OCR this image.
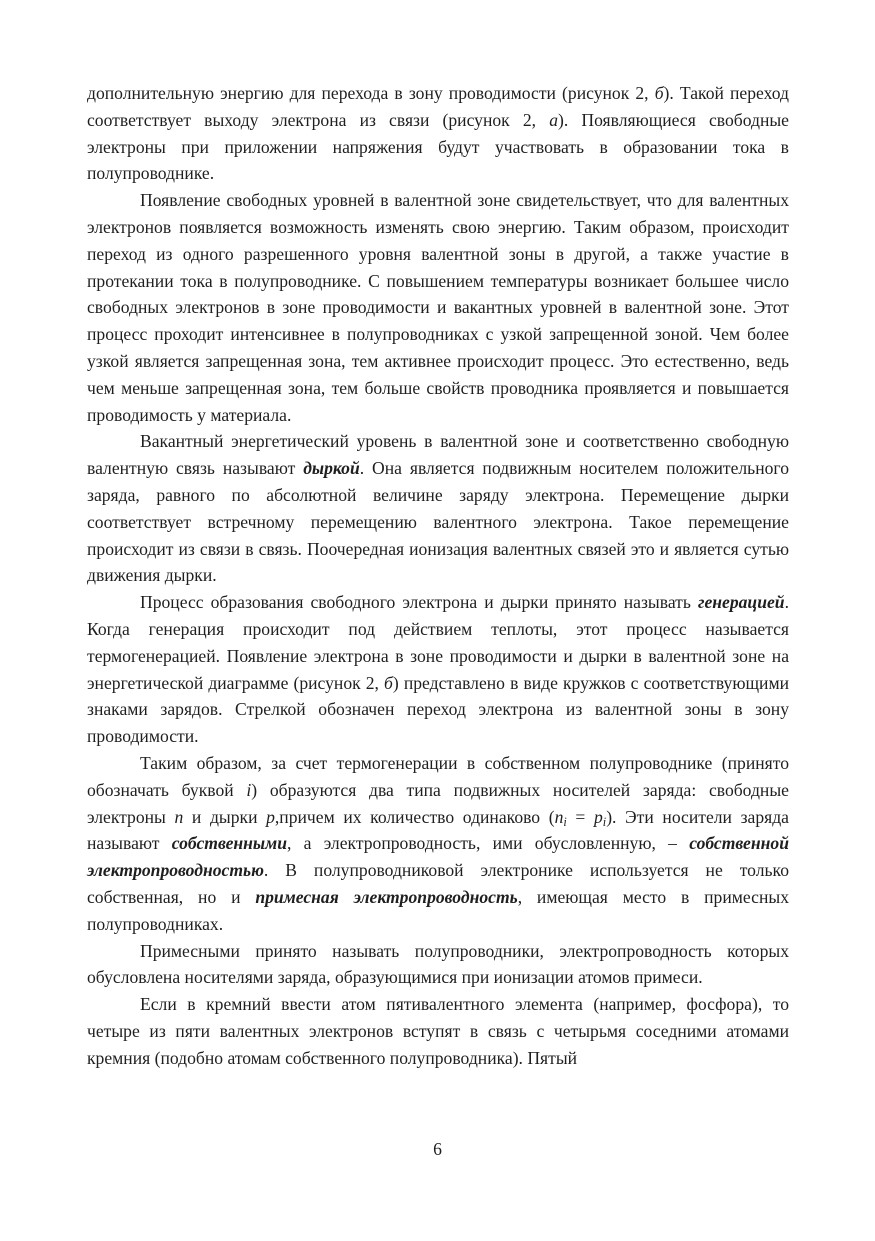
дополнительную энергию для перехода в зону проводимости (рисунок 2, б). Такой переход соответствует выходу электрона из связи (рисунок 2, а). Появляющиеся свободные электроны при приложении напряжения будут участвовать в образовании тока в полупроводнике.

Появление свободных уровней в валентной зоне свидетельствует, что для валентных электронов появляется возможность изменять свою энергию. Таким образом, происходит переход из одного разрешенного уровня валентной зоны в другой, а также участие в протекании тока в полупроводнике. С повышением температуры возникает большее число свободных электронов в зоне проводимости и вакантных уровней в валентной зоне. Этот процесс проходит интенсивнее в полупроводниках с узкой запрещенной зоной. Чем более узкой является запрещенная зона, тем активнее происходит процесс. Это естественно, ведь чем меньше запрещенная зона, тем больше свойств проводника проявляется и повышается проводимость у материала.

Вакантный энергетический уровень в валентной зоне и соответственно свободную валентную связь называют дыркой. Она является подвижным носителем положительного заряда, равного по абсолютной величине заряду электрона. Перемещение дырки соответствует встречному перемещению валентного электрона. Такое перемещение происходит из связи в связь. Поочередная ионизация валентных связей это и является сутью движения дырки.

Процесс образования свободного электрона и дырки принято называть генерацией. Когда генерация происходит под действием теплоты, этот процесс называется термогенерацией. Появление электрона в зоне проводимости и дырки в валентной зоне на энергетической диаграмме (рисунок 2, б) представлено в виде кружков с соответствующими знаками зарядов. Стрелкой обозначен переход электрона из валентной зоны в зону проводимости.

Таким образом, за счет термогенерации в собственном полупроводнике (принято обозначать буквой i) образуются два типа подвижных носителей заряда: свободные электроны n и дырки p,причем их количество одинаково $(n_i = p_i)$. Эти носители заряда называют собственными, а электропроводность, ими обусловленную, – собственной электропроводностью. В полупроводниковой электронике используется не только собственная, но и примесная электропроводность, имеющая место в примесных полупроводниках.

Примесными принято называть полупроводники, электропроводность которых обусловлена носителями заряда, образующимися при ионизации атомов примеси.

Если в кремний ввести атом пятивалентного элемента (например, фосфора), то четыре из пяти валентных электронов вступят в связь с четырьмя соседними атомами кремния (подобно атомам собственного полупроводника). Пятый

6
